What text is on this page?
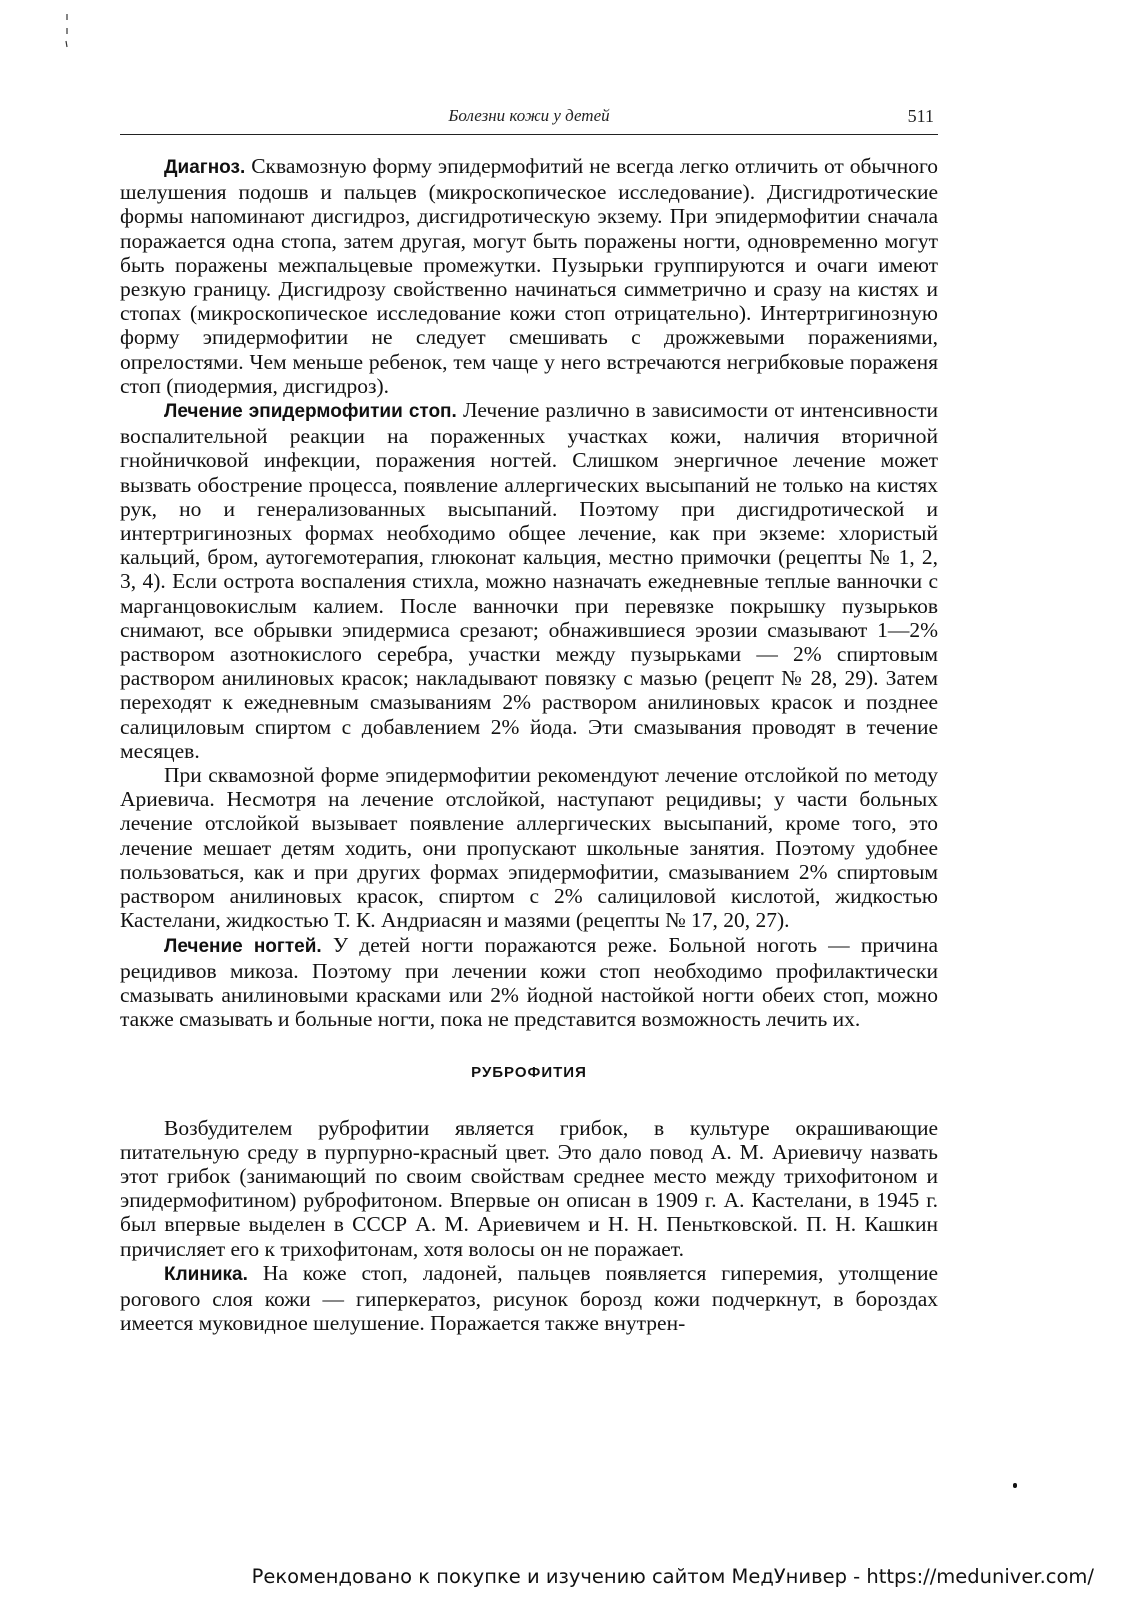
Болезни кожи у детей	511

Диагноз. Сквамозную форму эпидермофитий не всегда легко отличить от обычного шелушения подошв и пальцев (микроскопическое исследование). Дисгидротические формы напоминают дисгидроз, дисгидротическую экзему. При эпидермофитии сначала поражается одна стопа, затем другая, могут быть поражены ногти, одновременно могут быть поражены межпальцевые промежутки. Пузырьки группируются и очаги имеют резкую границу. Дисгидрозу свойственно начинаться симметрично и сразу на кистях и стопах (микроскопическое исследование кожи стоп отрицательно). Интертригинозную форму эпидермофитии не следует смешивать с дрожжевыми поражениями, опрелостями. Чем меньше ребенок, тем чаще у него встречаются негрибковые пораженя стоп (пиодермия, дисгидроз).

Лечение эпидермофитии стоп. Лечение различно в зависимости от интенсивности воспалительной реакции на пораженных участках кожи, наличия вторичной гнойничковой инфекции, поражения ногтей. Слишком энергичное лечение может вызвать обострение процесса, появление аллергических высыпаний не только на кистях рук, но и генерализованных высыпаний. Поэтому при дисгидротической и интертригинозных формах необходимо общее лечение, как при экземе: хлористый кальций, бром, аутогемотерапия, глюконат кальция, местно примочки (рецепты № 1, 2, 3, 4). Если острота воспаления стихла, можно назначать ежедневные теплые ванночки с марганцовокислым калием. После ванночки при перевязке покрышку пузырьков снимают, все обрывки эпидермиса срезают; обнажившиеся эрозии смазывают 1—2% раствором азотнокислого серебра, участки между пузырьками — 2% спиртовым раствором анилиновых красок; накладывают повязку с мазью (рецепт № 28, 29). Затем переходят к ежедневным смазываниям 2% раствором анилиновых красок и позднее салициловым спиртом с добавлением 2% йода. Эти смазывания проводят в течение месяцев.

При сквамозной форме эпидермофитии рекомендуют лечение отслойкой по методу Ариевича. Несмотря на лечение отслойкой, наступают рецидивы; у части больных лечение отслойкой вызывает появление аллергических высыпаний, кроме того, это лечение мешает детям ходить, они пропускают школьные занятия. Поэтому удобнее пользоваться, как и при других формах эпидермофитии, смазыванием 2% спиртовым раствором анилиновых красок, спиртом с 2% салициловой кислотой, жидкостью Кастелани, жидкостью Т. К. Андриасян и мазями (рецепты № 17, 20, 27).

Лечение ногтей. У детей ногти поражаются реже. Больной ноготь — причина рецидивов микоза. Поэтому при лечении кожи стоп необходимо профилактически смазывать анилиновыми красками или 2% йодной настойкой ногти обеих стоп, можно также смазывать и больные ногти, пока не представится возможность лечить их.

РУБРОФИТИЯ

Возбудителем руброфитии является грибок, в культуре окрашивающие питательную среду в пурпурно-красный цвет. Это дало повод А. М. Ариевичу назвать этот грибок (занимающий по своим свойствам среднее место между трихофитоном и эпидермофитином) руброфитоном. Впервые он описан в 1909 г. А. Кастелани, в 1945 г. был впервые выделен в СССР А. М. Ариевичем и Н. Н. Пеньтковской. П. Н. Кашкин причисляет его к трихофитонам, хотя волосы он не поражает.

Клиника. На коже стоп, ладоней, пальцев появляется гиперемия, утолщение рогового слоя кожи — гиперкератоз, рисунок борозд кожи подчеркнут, в бороздах имеется муковидное шелушение. Поражается также внутрен-

Рекомендовано к покупке и изучению сайтом МедУнивер - https://meduniver.com/
